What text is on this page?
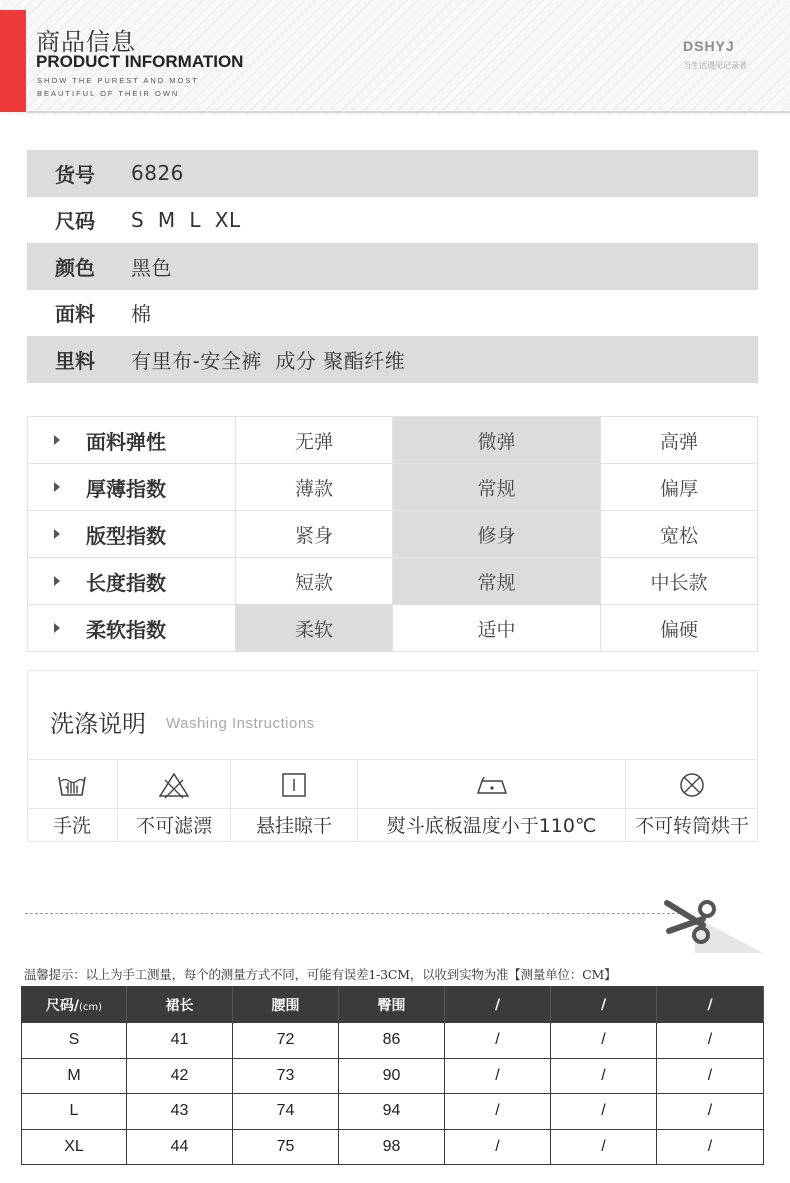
商品信息
PRODUCT INFORMATION
SHOW THE PUREST AND MOST
BEAUTIFUL OF THEIR OWN
DSHYJ
当生活遇见记录者
货号	6826
尺码	S  M  L  XL
颜色	黑色
面料	棉
里料	有里布-安全裤  成分 聚酯纤维
面料弹性	无弹	微弹	高弹
厚薄指数	薄款	常规	偏厚
版型指数	紧身	修身	宽松
长度指数	短款	常规	中长款
柔软指数	柔软	适中	偏硬
洗涤说明 Washing Instructions
手洗	不可滤漂	悬挂晾干	熨斗底板温度小于110℃	不可转筒烘干
温馨提示：以上为手工测量，每个的测量方式不同，可能有误差1-3CM，以收到实物为准【测量单位：CM】
尺码/(cm)	裙长	腰围	臀围	/	/	/
S	41	72	86	/	/	/
M	42	73	90	/	/	/
L	43	74	94	/	/	/
XL	44	75	98	/	/	/
